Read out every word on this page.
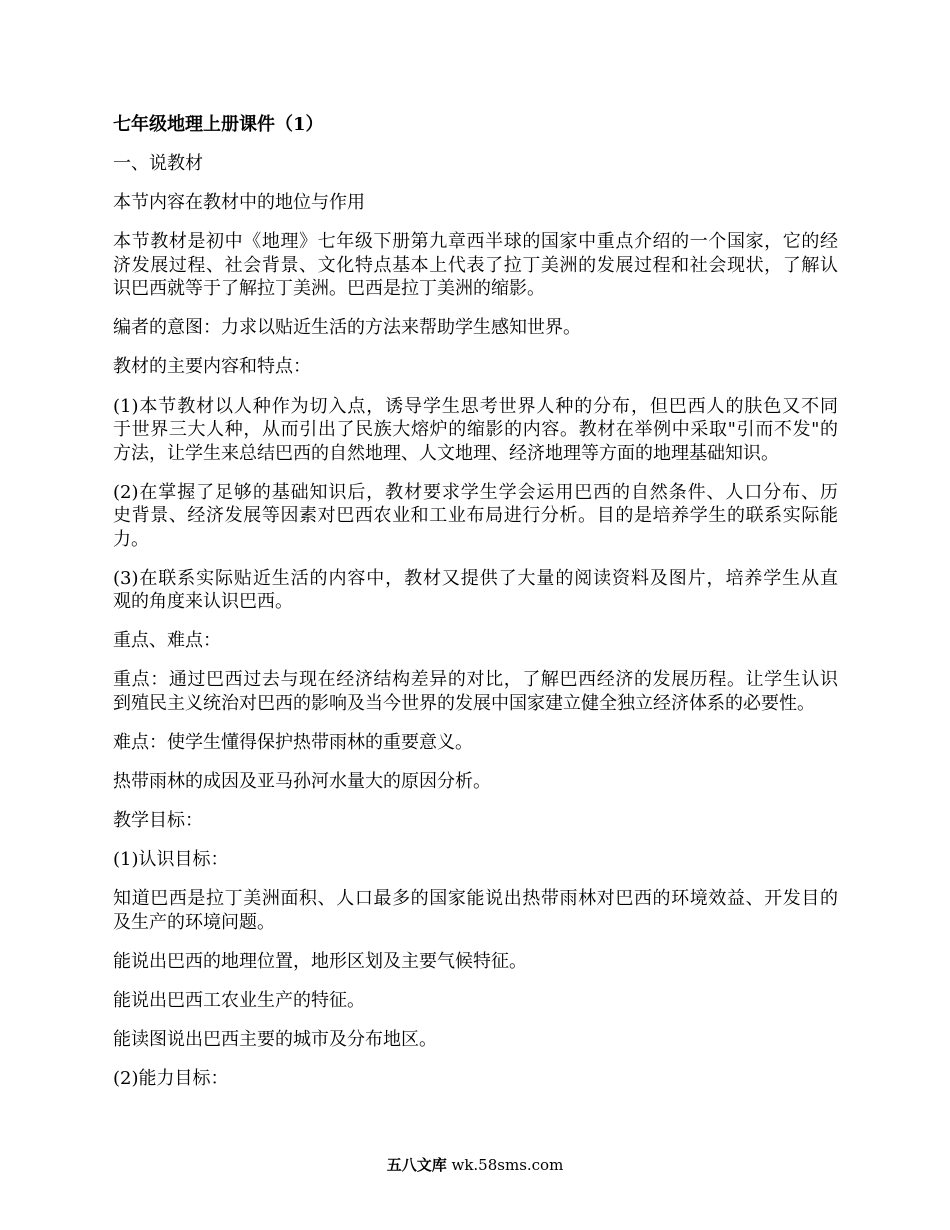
七年级地理上册课件（1）
一、说教材
本节内容在教材中的地位与作用
本节教材是初中《地理》七年级下册第九章西半球的国家中重点介绍的一个国家，它的经
济发展过程、社会背景、文化特点基本上代表了拉丁美洲的发展过程和社会现状，了解认
识巴西就等于了解拉丁美洲。巴西是拉丁美洲的缩影。
编者的意图：力求以贴近生活的方法来帮助学生感知世界。
教材的主要内容和特点：
(1)本节教材以人种作为切入点，诱导学生思考世界人种的分布，但巴西人的肤色又不同
于世界三大人种，从而引出了民族大熔炉的缩影的内容。教材在举例中采取"引而不发"的
方法，让学生来总结巴西的自然地理、人文地理、经济地理等方面的地理基础知识。
(2)在掌握了足够的基础知识后，教材要求学生学会运用巴西的自然条件、人口分布、历
史背景、经济发展等因素对巴西农业和工业布局进行分析。目的是培养学生的联系实际能
力。
(3)在联系实际贴近生活的内容中，教材又提供了大量的阅读资料及图片，培养学生从直
观的角度来认识巴西。
重点、难点：
重点：通过巴西过去与现在经济结构差异的对比，了解巴西经济的发展历程。让学生认识
到殖民主义统治对巴西的影响及当今世界的发展中国家建立健全独立经济体系的必要性。
难点：使学生懂得保护热带雨林的重要意义。
热带雨林的成因及亚马孙河水量大的原因分析。
教学目标：
(1)认识目标：
知道巴西是拉丁美洲面积、人口最多的国家能说出热带雨林对巴西的环境效益、开发目的
及生产的环境问题。
能说出巴西的地理位置，地形区划及主要气候特征。
能说出巴西工农业生产的特征。
能读图说出巴西主要的城市及分布地区。
(2)能力目标：
五八文库 wk.58sms.com
